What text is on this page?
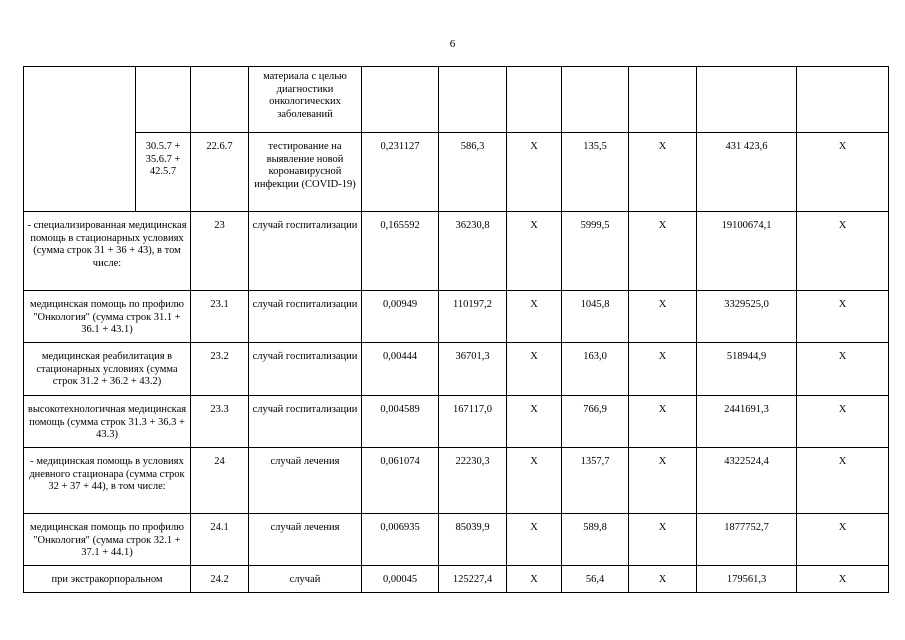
6
			материала с целью диагностики онкологических заболеваний							
	30.5.7 + 35.6.7 + 42.5.7	22.6.7	тестирование на выявление новой коронавирусной инфекции (COVID-19)	0,231127	586,3	X	135,5	X	431 423,6	X
- специализированная медицинская помощь в стационарных условиях (сумма строк 31 + 36 + 43), в том числе:		23	случай госпитализации	0,165592	36230,8	X	5999,5	X	19100674,1	X
медицинская помощь по профилю "Онкология" (сумма строк 31.1 + 36.1 + 43.1)		23.1	случай госпитализации	0,00949	110197,2	X	1045,8	X	3329525,0	X
медицинская реабилитация в стационарных условиях (сумма строк 31.2 + 36.2 + 43.2)		23.2	случай госпитализации	0,00444	36701,3	X	163,0	X	518944,9	X
высокотехнологичная медицинская помощь (сумма строк 31.3 + 36.3 + 43.3)		23.3	случай госпитализации	0,004589	167117,0	X	766,9	X	2441691,3	X
- медицинская помощь в условиях дневного стационара (сумма строк 32 + 37 + 44), в том числе:		24	случай лечения	0,061074	22230,3	X	1357,7	X	4322524,4	X
медицинская помощь по профилю "Онкология" (сумма строк 32.1 + 37.1 + 44.1)		24.1	случай лечения	0,006935	85039,9	X	589,8	X	1877752,7	X
при экстракорпоральном		24.2	случай	0,00045	125227,4	X	56,4	X	179561,3	X
